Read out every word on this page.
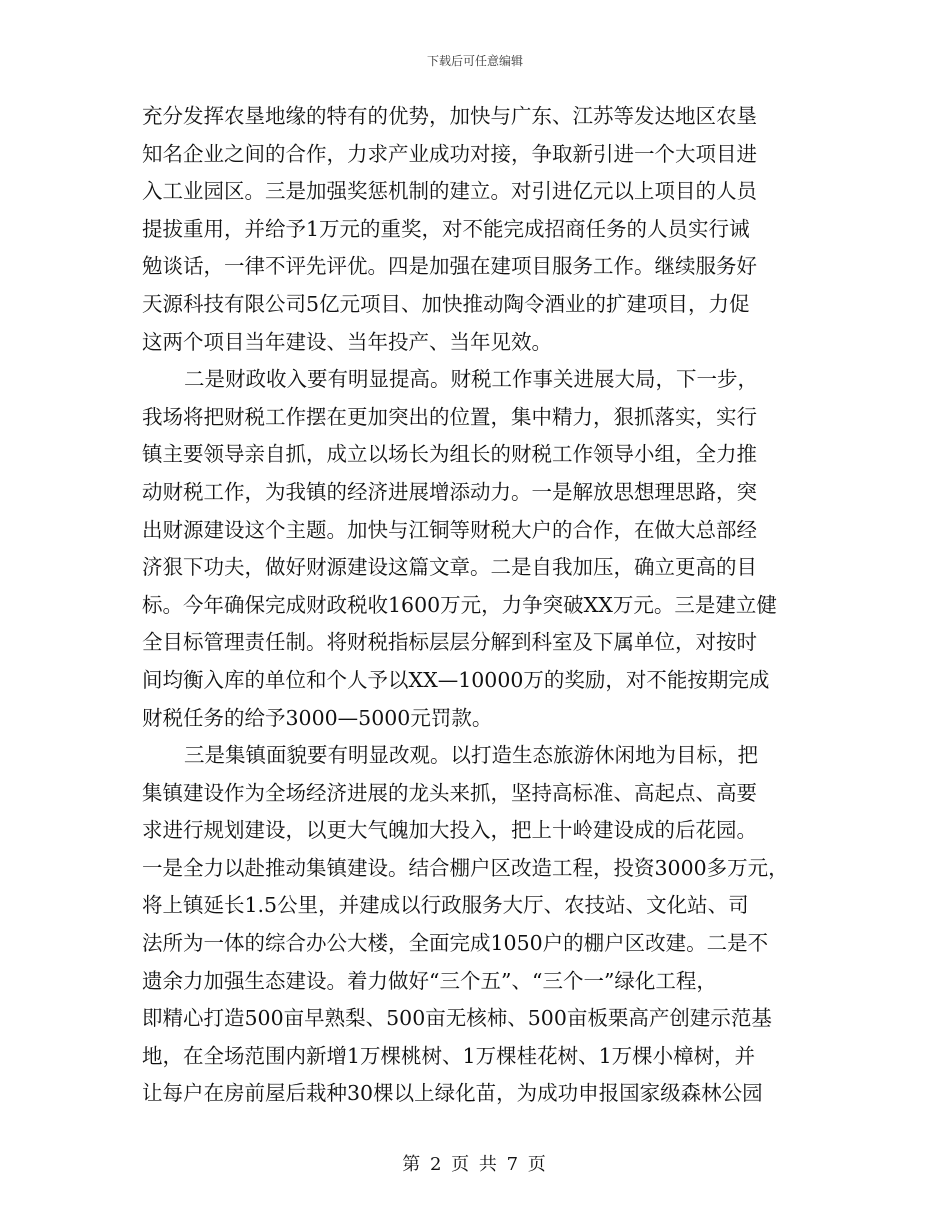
下载后可任意编辑
充分发挥农垦地缘的特有的优势，加快与广东、江苏等发达地区农垦
知名企业之间的合作，力求产业成功对接，争取新引进一个大项目进
入工业园区。三是加强奖惩机制的建立。对引进亿元以上项目的人员
提拔重用，并给予1万元的重奖，对不能完成招商任务的人员实行诫
勉谈话，一律不评先评优。四是加强在建项目服务工作。继续服务好
天源科技有限公司5亿元项目、加快推动陶令酒业的扩建项目，力促
这两个项目当年建设、当年投产、当年见效。
二是财政收入要有明显提高。财税工作事关进展大局，下一步，
我场将把财税工作摆在更加突出的位置，集中精力，狠抓落实，实行
镇主要领导亲自抓，成立以场长为组长的财税工作领导小组，全力推
动财税工作，为我镇的经济进展增添动力。一是解放思想理思路，突
出财源建设这个主题。加快与江铜等财税大户的合作，在做大总部经
济狠下功夫，做好财源建设这篇文章。二是自我加压，确立更高的目
标。今年确保完成财政税收1600万元，力争突破XX万元。三是建立健
全目标管理责任制。将财税指标层层分解到科室及下属单位，对按时
间均衡入库的单位和个人予以XX—10000万的奖励，对不能按期完成
财税任务的给予3000—5000元罚款。
三是集镇面貌要有明显改观。以打造生态旅游休闲地为目标，把
集镇建设作为全场经济进展的龙头来抓，坚持高标准、高起点、高要
求进行规划建设，以更大气魄加大投入，把上十岭建设成的后花园。
一是全力以赴推动集镇建设。结合棚户区改造工程，投资3000多万元，
将上镇延长1.5公里，并建成以行政服务大厅、农技站、文化站、司
法所为一体的综合办公大楼，全面完成1050户的棚户区改建。二是不
遗余力加强生态建设。着力做好“三个五”、“三个一”绿化工程，
即精心打造500亩早熟梨、500亩无核柿、500亩板栗高产创建示范基
地，在全场范围内新增1万棵桃树、1万棵桂花树、1万棵小樟树，并
让每户在房前屋后栽种30棵以上绿化苗，为成功申报国家级森林公园
第 2 页 共 7 页
